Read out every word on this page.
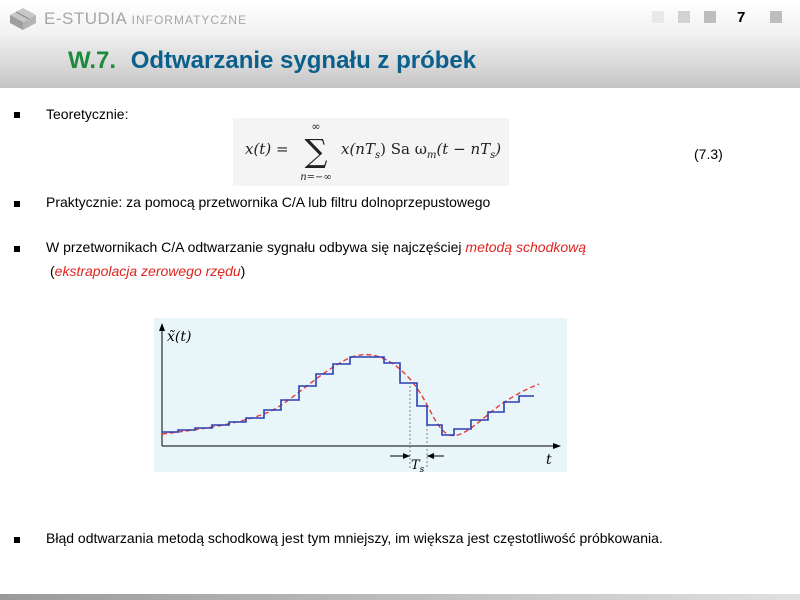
E-STUDIA INFORMATYCZNE	7
W.7. Odtwarzanie sygnału z próbek
Teoretycznie:
x(t) =
∞
∑
n=−∞
$x(nT_s)$ Sa $\omega_m(t - nT_s)$	(7.3)
Praktycznie: za pomocą przetwornika C/A lub filtru dolnoprzepustowego
W przetwornikach C/A odtwarzanie sygnału odbywa się najczęściej metodą schodkową
(ekstrapolacja zerowego rzędu)
x̃(t)
t
$T_s$
Błąd odtwarzania metodą schodkową jest tym mniejszy, im większa jest częstotliwość próbkowania.
